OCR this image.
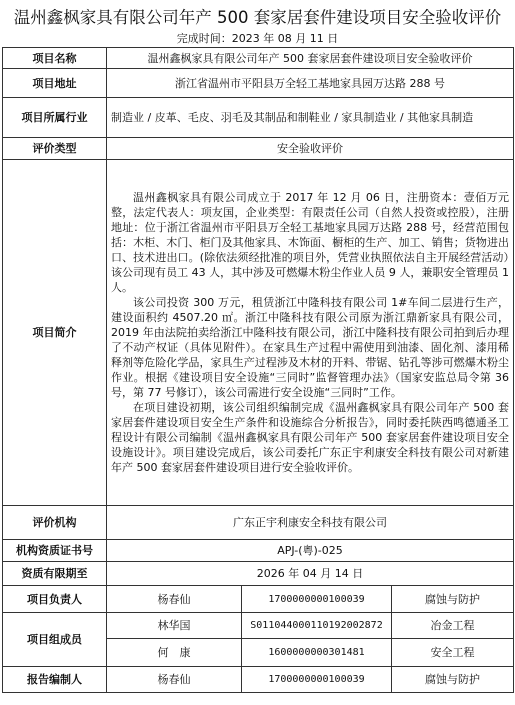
温州鑫枫家具有限公司年产 500 套家居套件建设项目安全验收评价
完成时间：2023 年 08 月 11 日
项目名称	温州鑫枫家具有限公司年产 500 套家居套件建设项目安全验收评价		
项目地址	浙江省温州市平阳县万全轻工基地家具园万达路 288 号		
项目所属行业	制造业 / 皮革、毛皮、羽毛及其制品和制鞋业 / 家具制造业 / 其他家具制造		
评价类型	安全验收评价		
项目简介	温州鑫枫家具有限公司成立于 2017 年 12 月 06 日，注册资本：壹佰万元整，法定代表人：项友国，企业类型：有限责任公司（自然人投资或控股），注册地址：位于浙江省温州市平阳县万全轻工基地家具园万达路 288 号，经营范围包括：木柜、木门、柜门及其他家具、木饰面、橱柜的生产、加工、销售；货物进出口、技术进出口。(除依法须经批准的项目外，凭营业执照依法自主开展经营活动）该公司现有员工 43 人，其中涉及可燃爆木粉尘作业人员 9 人，兼职安全管理员 1 人。
该公司投资 300 万元，租赁浙江中隆科技有限公司 1#车间二层进行生产，建设面积约 4507.20 ㎡。浙江中隆科技有限公司原为浙江鼎新家具有限公司，2019 年由法院拍卖给浙江中隆科技有限公司，浙江中隆科技有限公司拍到后办理了不动产权证（具体见附件）。在家具生产过程中需使用到油漆、固化剂、漆用稀释剂等危险化学品，家具生产过程涉及木材的开料、带锯、钻孔等涉可燃爆木粉尘作业。根据《建设项目安全设施“三同时”监督管理办法》（国家安监总局令第 36 号，第 77 号修订），该公司需进行安全设施“三同时”工作。
在项目建设初期，该公司组织编制完成《温州鑫枫家具有限公司年产 500 套家居套件建设项目安全生产条件和设施综合分析报告》，同时委托陕西鸣德通圣工程设计有限公司编制《温州鑫枫家具有限公司年产 500 套家居套件建设项目安全设施设计》。项目建设完成后，该公司委托广东正宇利康安全科技有限公司对新建年产 500 套家居套件建设项目进行安全验收评价。		

评价机构	广东正宇利康安全科技有限公司		
机构资质证书号	APJ-(粤)-025		
资质有限期至	2026 年 04 月 14 日		
项目负责人	杨春仙	1700000000100039	腐蚀与防护
项目组成员	林华国	S011044000110192002872	冶金工程
	何　康	1600000000301481	安全工程
报告编制人	杨春仙	1700000000100039	腐蚀与防护
